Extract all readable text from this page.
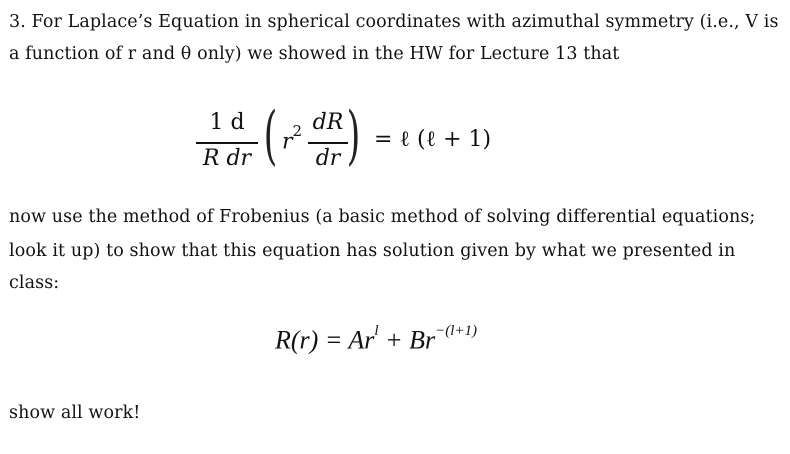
3. For Laplace’s Equation in spherical coordinates with azimuthal symmetry (i.e., V is

a function of r and θ only) we showed in the HW for Lecture 13 that

1 d
R dr ( $r^2$ dR
dr ) = ℓ (ℓ + 1)

now use the method of Frobenius (a basic method of solving differential equations;

look it up) to show that this equation has solution given by what we presented in

class:

$R(r) = Ar^l + Br^{-(l+1)}$

show all work!
